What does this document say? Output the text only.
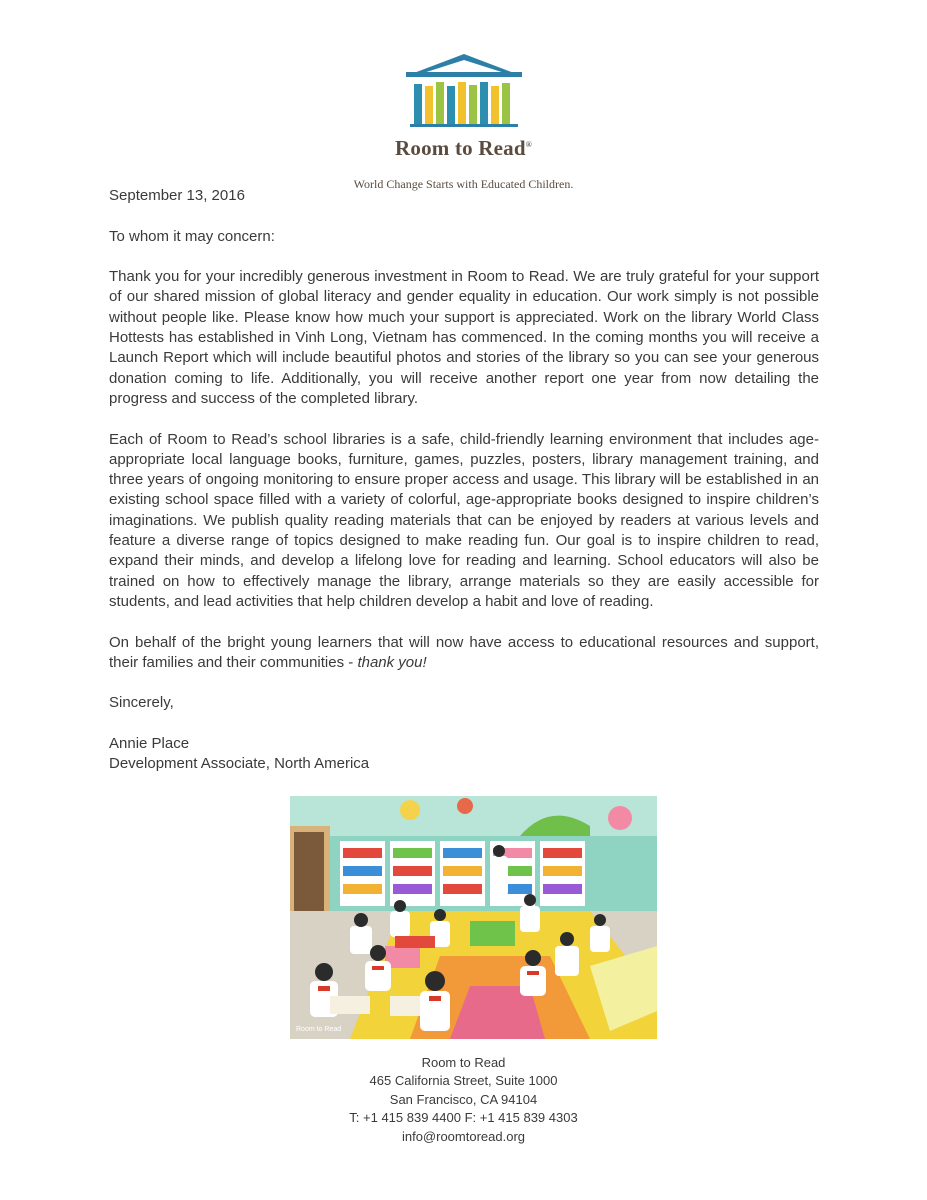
Room to Read®
World Change Starts with Educated Children.

September 13, 2016

To whom it may concern:

Thank you for your incredibly generous investment in Room to Read. We are truly grateful for your support of our shared mission of global literacy and gender equality in education. Our work simply is not possible without people like. Please know how much your support is appreciated. Work on the library World Class Hottests has established in Vinh Long, Vietnam has commenced. In the coming months you will receive a Launch Report which will include beautiful photos and stories of the library so you can see your generous donation coming to life. Additionally, you will receive another report one year from now detailing the progress and success of the completed library.

Each of Room to Read’s school libraries is a safe, child-friendly learning environment that includes age-appropriate local language books, furniture, games, puzzles, posters, library management training, and three years of ongoing monitoring to ensure proper access and usage. This library will be established in an existing school space filled with a variety of colorful, age-appropriate books designed to inspire children’s imaginations. We publish quality reading materials that can be enjoyed by readers at various levels and feature a diverse range of topics designed to make reading fun. Our goal is to inspire children to read, expand their minds, and develop a lifelong love for reading and learning. School educators will also be trained on how to effectively manage the library, arrange materials so they are easily accessible for students, and lead activities that help children develop a habit and love of reading.

On behalf of the bright young learners that will now have access to educational resources and support, their families and their communities - thank you!

Sincerely,

Annie Place
Development Associate, North America
Room to Read
Room to Read
465 California Street, Suite 1000
San Francisco, CA 94104
T: +1 415 839 4400 F: +1 415 839 4303
info@roomtoread.org
